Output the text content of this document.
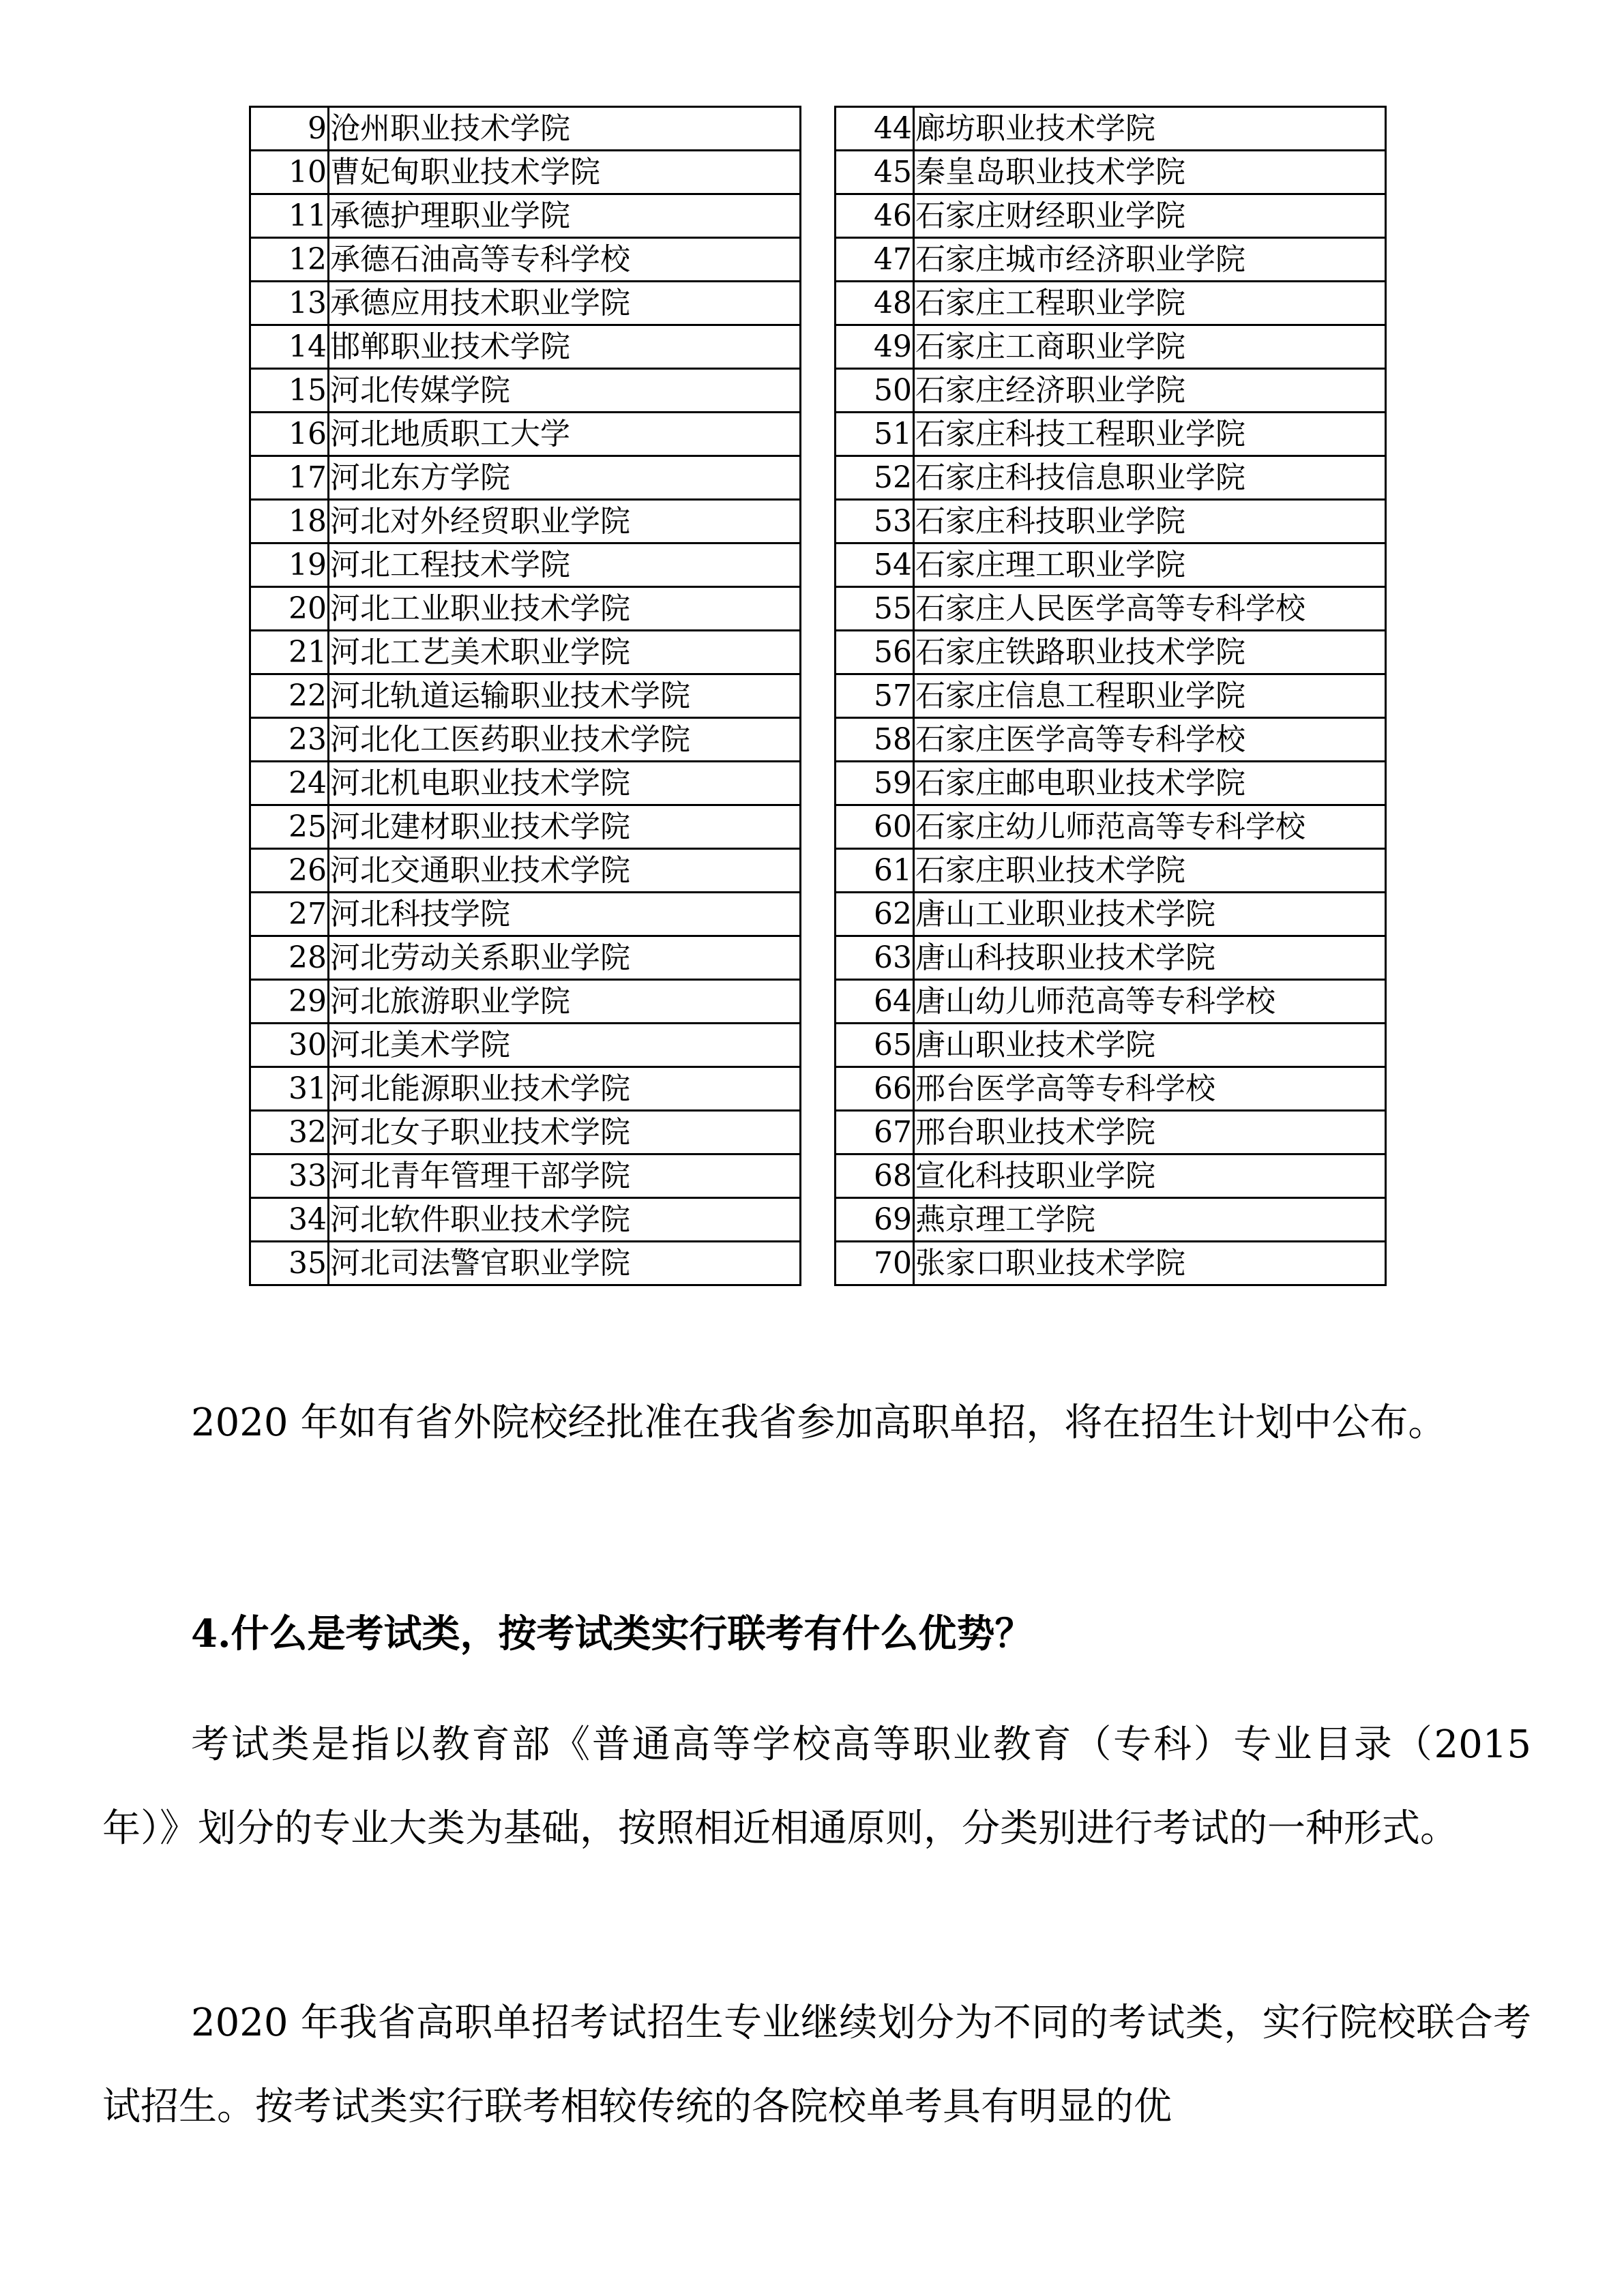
9	沧州职业技术学院
10	曹妃甸职业技术学院
11	承德护理职业学院
12	承德石油高等专科学校
13	承德应用技术职业学院
14	邯郸职业技术学院
15	河北传媒学院
16	河北地质职工大学
17	河北东方学院
18	河北对外经贸职业学院
19	河北工程技术学院
20	河北工业职业技术学院
21	河北工艺美术职业学院
22	河北轨道运输职业技术学院
23	河北化工医药职业技术学院
24	河北机电职业技术学院
25	河北建材职业技术学院
26	河北交通职业技术学院
27	河北科技学院
28	河北劳动关系职业学院
29	河北旅游职业学院
30	河北美术学院
31	河北能源职业技术学院
32	河北女子职业技术学院
33	河北青年管理干部学院
34	河北软件职业技术学院
35	河北司法警官职业学院
44	廊坊职业技术学院
45	秦皇岛职业技术学院
46	石家庄财经职业学院
47	石家庄城市经济职业学院
48	石家庄工程职业学院
49	石家庄工商职业学院
50	石家庄经济职业学院
51	石家庄科技工程职业学院
52	石家庄科技信息职业学院
53	石家庄科技职业学院
54	石家庄理工职业学院
55	石家庄人民医学高等专科学校
56	石家庄铁路职业技术学院
57	石家庄信息工程职业学院
58	石家庄医学高等专科学校
59	石家庄邮电职业技术学院
60	石家庄幼儿师范高等专科学校
61	石家庄职业技术学院
62	唐山工业职业技术学院
63	唐山科技职业技术学院
64	唐山幼儿师范高等专科学校
65	唐山职业技术学院
66	邢台医学高等专科学校
67	邢台职业技术学院
68	宣化科技职业学院
69	燕京理工学院
70	张家口职业技术学院

2020 年如有省外院校经批准在我省参加高职单招，将在招生计划中公布。

4.什么是考试类，按考试类实行联考有什么优势？

考试类是指以教育部《普通高等学校高等职业教育（专科）专业目录（2015 年）》划分的专业大类为基础，按照相近相通原则，分类别进行考试的一种形式。

2020 年我省高职单招考试招生专业继续划分为不同的考试类，实行院校联合考试招生。按考试类实行联考相较传统的各院校单考具有明显的优
